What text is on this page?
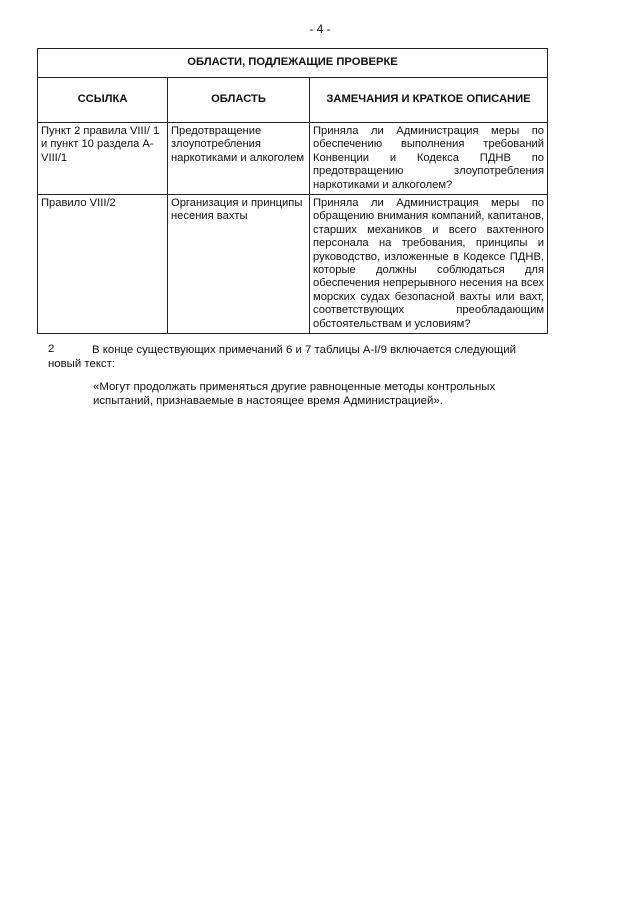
- 4 -
ОБЛАСТИ, ПОДЛЕЖАЩИЕ ПРОВЕРКЕ		
ССЫЛКА	ОБЛАСТЬ	ЗАМЕЧАНИЯ И КРАТКОЕ ОПИСАНИЕ
Пункт 2 правила VIII/ 1 и пункт 10 раздела A-VIII/1	Предотвращение злоупотребления наркотиками и алкоголем	Приняла ли Администрация меры по обеспечению выполнения требований Конвенции и Кодекса ПДНВ по предотвращению злоупотребления наркотиками и алкоголем?
Правило VIII/2	Организация и принципы несения вахты	Приняла ли Администрация меры по обращению внимания компаний, капитанов, старших механиков и всего вахтенного персонала на требования, принципы и руководство, изложенные в Кодексе ПДНВ, которые должны соблюдаться для обеспечения непрерывного несения на всех морских судах безопасной вахты или вахт, соответствующих преобладающим обстоятельствам и условиям?

В конце существующих примечаний 6 и 7 таблицы A-I/9 включается следующий новый текст:

2

«Могут продолжать применяться другие равноценные методы контрольных испытаний, признаваемые в настоящее время Администрацией».
